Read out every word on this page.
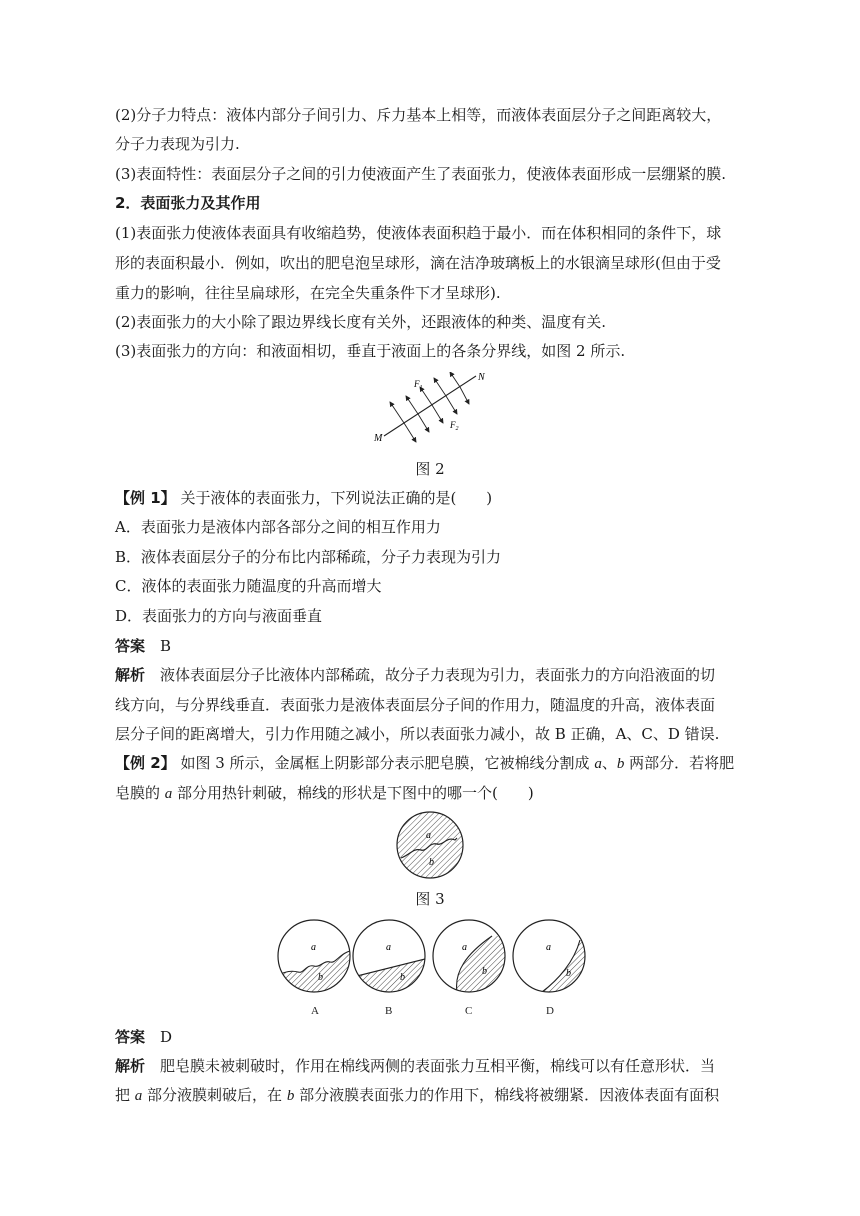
(2)分子力特点：液体内部分子间引力、斥力基本上相等，而液体表面层分子之间距离较大，
分子力表现为引力.
(3)表面特性：表面层分子之间的引力使液面产生了表面张力，使液体表面形成一层绷紧的膜.
2．表面张力及其作用
(1)表面张力使液体表面具有收缩趋势，使液体表面积趋于最小．而在体积相同的条件下，球
形的表面积最小．例如，吹出的肥皂泡呈球形，滴在洁净玻璃板上的水银滴呈球形(但由于受
重力的影响，往往呈扁球形，在完全失重条件下才呈球形).
(2)表面张力的大小除了跟边界线长度有关外，还跟液体的种类、温度有关.
(3)表面张力的方向：和液面相切，垂直于液面上的各条分界线，如图 2 所示.
M
N
$F_1$
$F_2$
图 2
【例 1】 关于液体的表面张力，下列说法正确的是(　　)
A．表面张力是液体内部各部分之间的相互作用力
B．液体表面层分子的分布比内部稀疏，分子力表现为引力
C．液体的表面张力随温度的升高而增大
D．表面张力的方向与液面垂直
答案　 B
解析　 液体表面层分子比液体内部稀疏，故分子力表现为引力，表面张力的方向沿液面的切
线方向，与分界线垂直．表面张力是液体表面层分子间的作用力，随温度的升高，液体表面
层分子间的距离增大，引力作用随之减小，所以表面张力减小，故 B 正确，A、C、D 错误.
【例 2】 如图 3 所示，金属框上阴影部分表示肥皂膜，它被棉线分割成 a、b 两部分．若将肥
皂膜的 a 部分用热针刺破，棉线的形状是下图中的哪一个(　　)
a
b
图 3
a
b
a
b
a
b
a
b
A	B	C	D
答案　 D
解析　 肥皂膜未被刺破时，作用在棉线两侧的表面张力互相平衡，棉线可以有任意形状．当
把 a 部分液膜刺破后，在 b 部分液膜表面张力的作用下，棉线将被绷紧．因液体表面有面积
